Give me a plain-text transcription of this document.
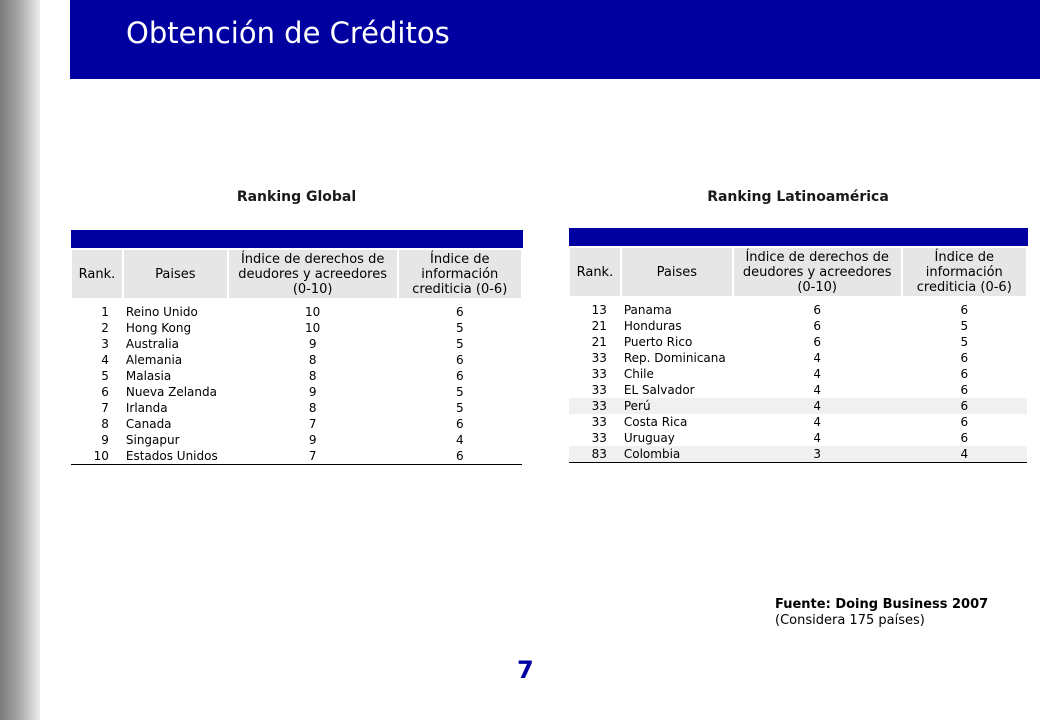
Obtención de Créditos
Ranking Global	Ranking Latinoamérica

Rank.	Paises	Índice de derechos de deudores y acreedores (0-10)	Índice de información crediticia (0-6)

1	Reino Unido	10	6
2	Hong Kong	10	5
3	Australia	9	5
4	Alemania	8	6
5	Malasia	8	6
6	Nueva Zelanda	9	5
7	Irlanda	8	5
8	Canada	7	6
9	Singapur	9	4
10	Estados Unidos	7	6

Rank.	Paises	Índice de derechos de deudores y acreedores (0-10)	Índice de información crediticia (0-6)

13	Panama	6	6
21	Honduras	6	5
21	Puerto Rico	6	5
33	Rep. Dominicana	4	6
33	Chile	4	6
33	EL Salvador	4	6
33	Perú	4	6
33	Costa Rica	4	6
33	Uruguay	4	6
83	Colombia	3	4
Fuente: Doing Business 2007
(Considera 175 países)
7
